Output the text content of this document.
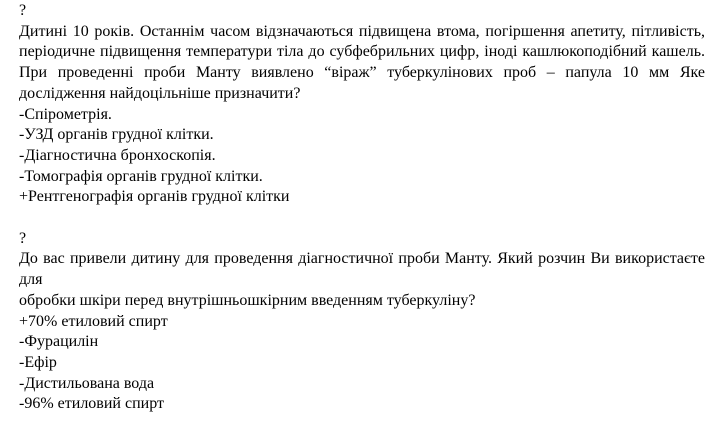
?
Дитині 10 років. Останнім часом відзначаються підвищена втома, погіршення апетиту, пітливість, періодичне підвищення температури тіла до субфебрильних цифр, іноді кашлюкоподібний кашель. При проведенні проби Манту виявлено “віраж” туберкулінових проб – папула 10 мм Яке дослідження найдоцільніше призначити?
-Спірометрія.
-УЗД органів грудної клітки.
-Діагностична бронхоскопія.
-Томографія органів грудної клітки.
+Рентгенографія органів грудної клітки
?
До вас привели дитину для проведення діагностичної проби Манту. Який розчин Ви використаєте для
обробки шкіри перед внутрішньошкірним введенням туберкуліну?
+70% етиловий спирт
-Фурацилін
-Ефір
-Дистильована вода
-96% етиловий спирт
